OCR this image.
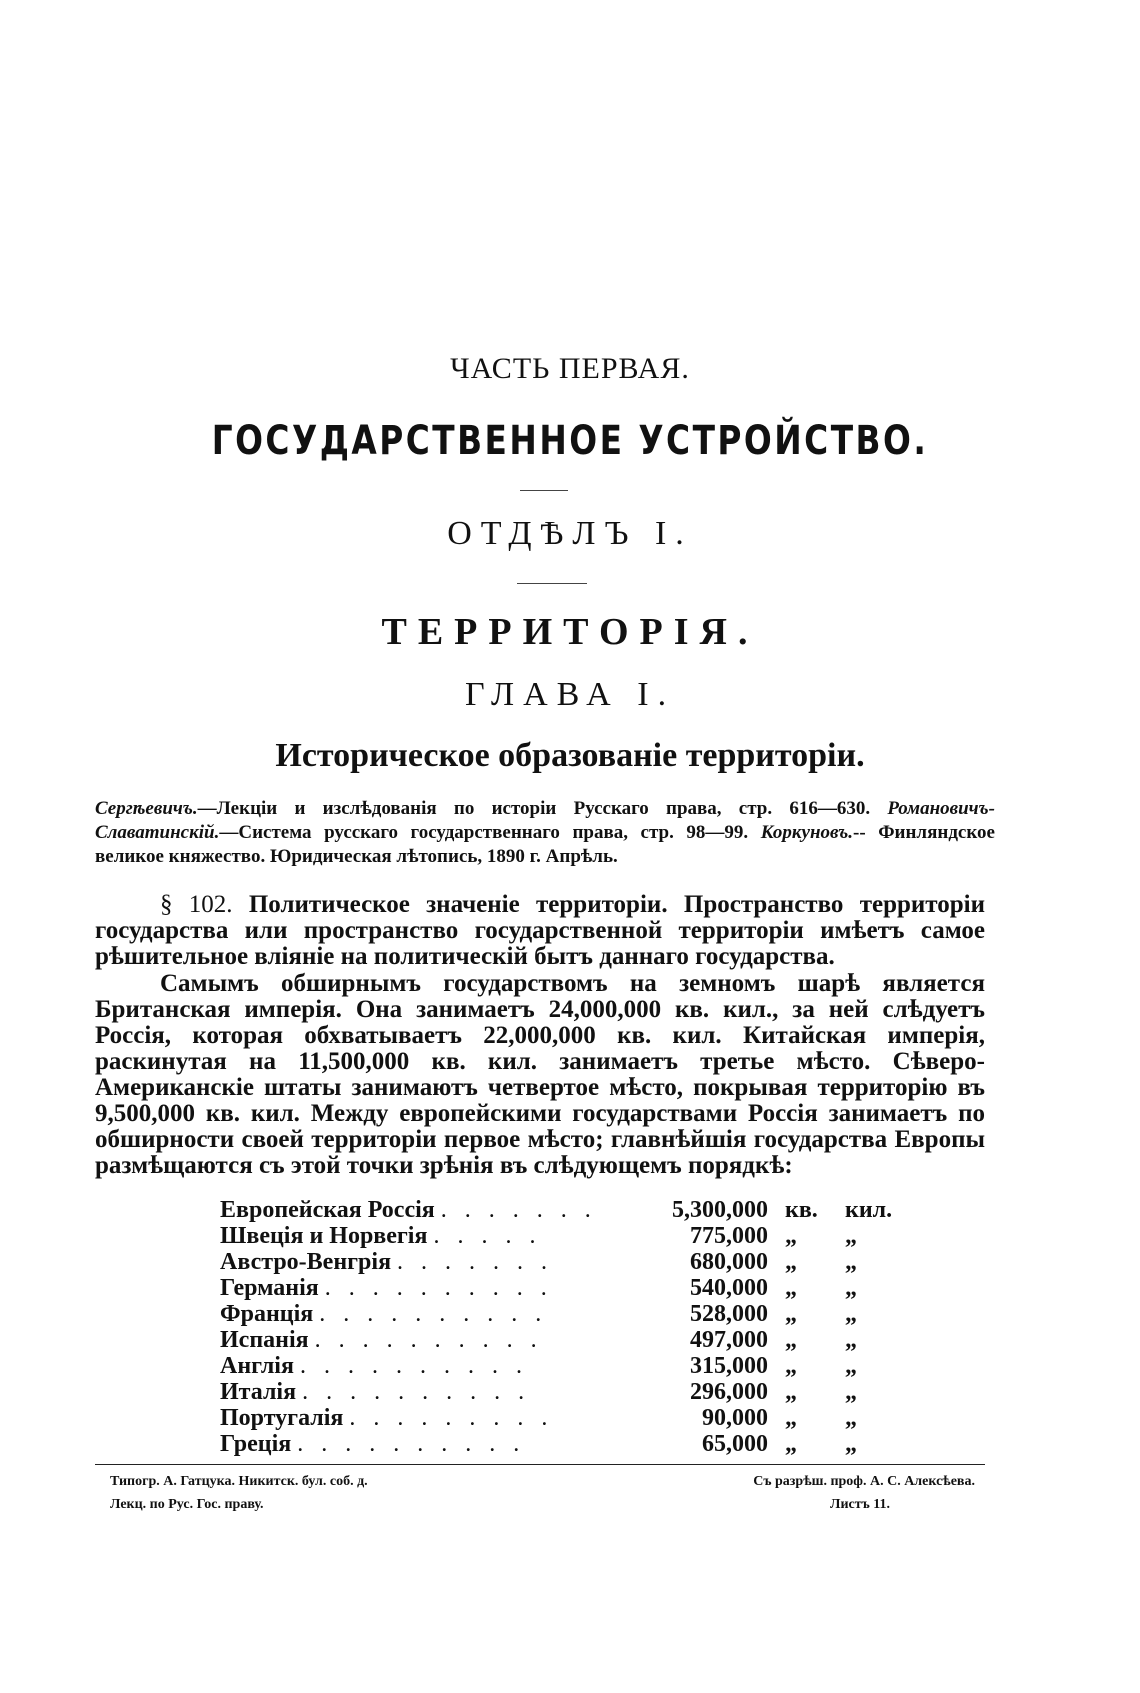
ЧАСТЬ ПЕРВАЯ.
ГОСУДАРСТВЕННОЕ УСТРОЙСТВО.
ОТДѢЛЪ I.
ТЕРРИТОРIЯ.
ГЛАВА I.
Историческое образованiе территорiи.
Сергѣевичъ.—Лекцiи и изслѣдованiя по исторiи Русскаго права, стр. 616—630. Романовичъ-Славатинскiй.—Система русскаго государственнаго права, стр. 98—99. Коркуновъ.-- Финляндское великое княжество. Юридическая лѣтопись, 1890 г. Апрѣль.
§ 102. Политическое значенiе территорiи. Пространство территорiи государства или пространство государственной территорiи имѣетъ самое рѣшительное влiянiе на политическiй бытъ даннаго государства.
Самымъ обширнымъ государствомъ на земномъ шарѣ является Британская имперiя. Она занимаетъ 24,000,000 кв. кил., за ней слѣдуетъ Россiя, которая обхватываетъ 22,000,000 кв. кил. Китайская имперiя, раскинутая на 11,500,000 кв. кил. занимаетъ третье мѣсто. Сѣверо-Американскiе штаты занимаютъ четвертое мѣсто, покрывая территорiю въ 9,500,000 кв. кил. Между европейскими государствами Россiя занимаетъ по обширности своей территорiи первое мѣсто; главнѣйшiя государства Европы размѣщаются съ этой точки зрѣнiя въ слѣдующемъ порядкѣ:
Европейская Россiя . . . . . . .	5,300,000 кв. кил.
Швецiя и Норвегiя . . . . .	775,000 „ „
Австро-Венгрiя . . . . . . .	680,000 „ „
Германiя . . . . . . . . . .	540,000 „ „
Францiя . . . . . . . . . .	528,000 „ „
Испанiя . . . . . . . . . .	497,000 „ „
Англiя . . . . . . . . . .	315,000 „ „
Италiя . . . . . . . . . .	296,000 „ „
Португалiя . . . . . . . . .	90,000 „ „
Грецiя . . . . . . . . . .	65,000 „ „
Типогр. А. Гатцука. Никитск. бул. соб. д.
Лекц. по Рус. Гос. праву.
Съ разрѣш. проф. А. С. Алексѣева.
Листъ 11.
